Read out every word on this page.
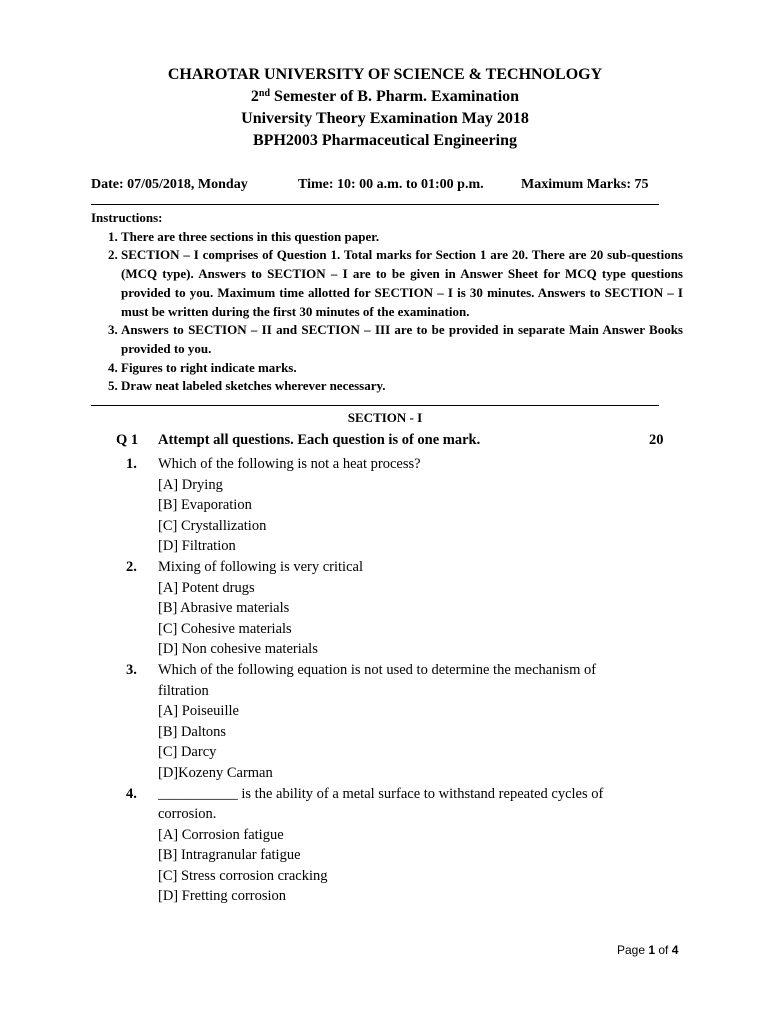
CHAROTAR UNIVERSITY OF SCIENCE & TECHNOLOGY
2nd Semester of B. Pharm. Examination
University Theory Examination May 2018
BPH2003 Pharmaceutical Engineering
Date: 07/05/2018, Monday	Time: 10: 00 a.m. to 01:00 p.m.	Maximum Marks: 75
Instructions:
1. There are three sections in this question paper.
2. SECTION – I comprises of Question 1. Total marks for Section 1 are 20. There are 20 sub-questions (MCQ type). Answers to SECTION – I are to be given in Answer Sheet for MCQ type questions provided to you. Maximum time allotted for SECTION – I is 30 minutes. Answers to SECTION – I must be written during the first 30 minutes of the examination.
3. Answers to SECTION – II and SECTION – III are to be provided in separate Main Answer Books provided to you.
4. Figures to right indicate marks.
5. Draw neat labeled sketches wherever necessary.
SECTION - I
Q 1 Attempt all questions. Each question is of one mark.	20
1. Which of the following is not a heat process?
[A] Drying
[B] Evaporation
[C] Crystallization
[D] Filtration
2. Mixing of following is very critical
[A] Potent drugs
[B] Abrasive materials
[C] Cohesive materials
[D] Non cohesive materials
3. Which of the following equation is not used to determine the mechanism of filtration
[A] Poiseuille
[B] Daltons
[C] Darcy
[D]Kozeny Carman
4. ___________ is the ability of a metal surface to withstand repeated cycles of corrosion.
[A] Corrosion fatigue
[B] Intragranular fatigue
[C] Stress corrosion cracking
[D] Fretting corrosion
Page 1 of 4
